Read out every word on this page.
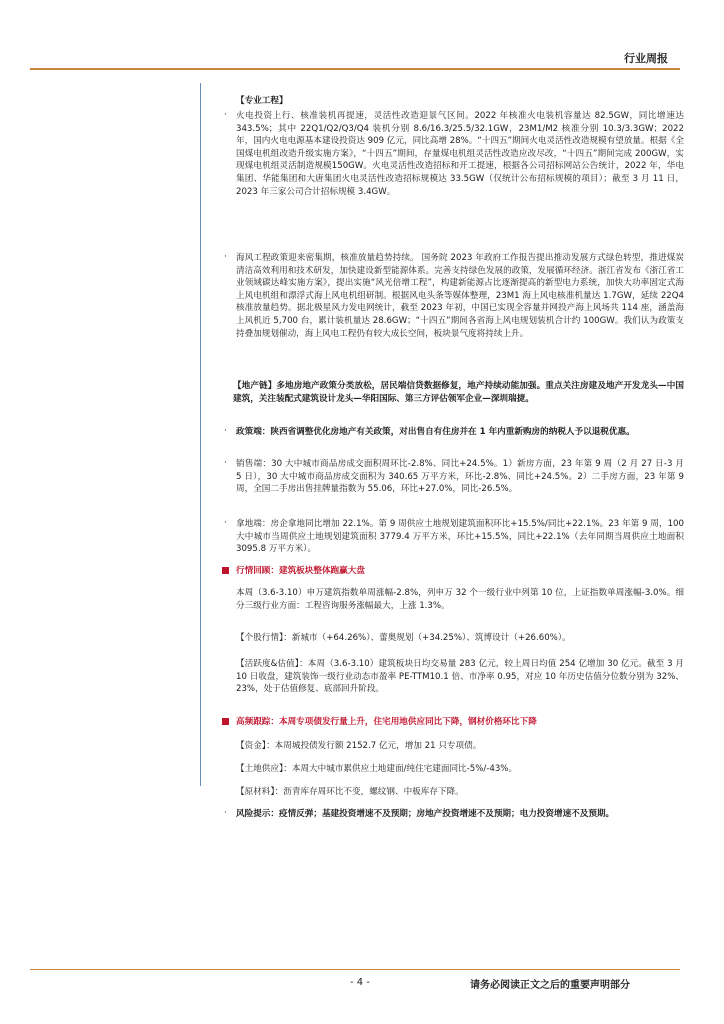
行业周报
【专业工程】
· 火电投资上行、核准装机再提速，灵活性改造迎景气区间。2022 年核准火电装机容量达 82.5GW，同比增速达 343.5%；其中 22Q1/Q2/Q3/Q4 装机分别 8.6/16.3/25.5/32.1GW，23M1/M2 核准分别 10.3/3.3GW；2022 年，国内火电电源基本建设投资达 909 亿元，同比高增 28%。“十四五”期间火电灵活性改造规模有望放量。根据《全国煤电机组改造升级实施方案》，“十四五”期间，存量煤电机组灵活性改造应改尽改，“十四五”期间完成 200GW，实现煤电机组灵活制造规模150GW。火电灵活性改造招标和开工提速，根据各公司招标网站公告统计，2022 年，华电集团、华能集团和大唐集团火电灵活性改造招标规模达 33.5GW（仅统计公布招标规模的项目）；截至 3 月 11 日，2023 年三家公司合计招标规模 3.4GW。

· 海风工程政策迎来密集期，核准放量趋势持续。 国务院 2023 年政府工作报告提出推动发展方式绿色转型，推进煤炭清洁高效利用和技术研发，加快建设新型能源体系。完善支持绿色发展的政策，发展循环经济。浙江省发布《浙江省工业领域碳达峰实施方案》，提出实施“风光倍增工程”，构建新能源占比逐渐提高的新型电力系统，加快大功率固定式海上风电机组和漂浮式海上风电机组研制。根据风电头条等媒体整理，23M1 海上风电核准机量达 1.7GW，延续 22Q4 核准放量趋势。据北极星风力发电网统计，截至 2023 年初，中国已实现全容量并网投产海上风场共 114 座，涵盖海上风机近 5,700 台，累计装机量达 28.6GW；“十四五”期间各省海上风电规划装机合计约 100GW。我们认为政策支持叠加规划催动，海上风电工程仍有较大成长空间，板块景气度将持续上升。

【地产链】多地房地产政策分类放松，居民端信贷数据修复，地产持续动能加强。重点关注房建及地产开发龙头—中国建筑，关注装配式建筑设计龙头—华阳国际、第三方评估领军企业—深圳瑞捷。

· 政策端：陕西省调整优化房地产有关政策，对出售自有住房并在 1 年内重新购房的纳税人予以退税优惠。

· 销售端：30 大中城市商品房成交面积周环比-2.8%、同比+24.5%。1）新房方面，23 年第 9 周（2 月 27 日-3 月 5 日），30 大中城市商品房成交面积为 340.65 万平方米，环比-2.8%、同比+24.5%。2）二手房方面，23 年第 9 周，全国二手房出售挂牌量指数为 55.06，环比+27.0%，同比-26.5%。

· 拿地端：房企拿地同比增加 22.1%。第 9 周供应土地规划建筑面积环比+15.5%/同比+22.1%。23 年第 9 周，100 大中城市当周供应土地规划建筑面积 3779.4 万平方米，环比+15.5%，同比+22.1%（去年同期当周供应土地面积 3095.8 万平方米）。

行情回顾：建筑板块整体跑赢大盘

本周（3.6-3.10）申万建筑指数单周涨幅-2.8%，列申万 32 个一级行业中列第 10 位，上证指数单周涨幅-3.0%。细分三级行业方面：工程咨询服务涨幅最大，上涨 1.3%。

【个股行情】：新城市（+64.26%）、蕾奥规划（+34.25%）、筑博设计（+26.60%）。

【活跃度&估值】：本周（3.6-3.10）建筑板块日均交易量 283 亿元，较上周日均值 254 亿增加 30 亿元。截至 3 月 10 日收盘，建筑装饰一级行业动态市盈率 PE-TTM10.1 倍、市净率 0.95，对应 10 年历史估值分位数分别为 32%、23%，处于估值修复、底部回升阶段。

高频跟踪：本周专项债发行量上升，住宅用地供应同比下降，钢材价格环比下降

【资金】：本周城投债发行额 2152.7 亿元，增加 21 只专项债。

【土地供应】：本周大中城市累供应土地建面/纯住宅建面同比-5%/-43%。

【原材料】：沥青库存周环比不变，螺纹钢、中板库存下降。

· 风险提示：疫情反弹；基建投资增速不及预期；房地产投资增速不及预期；电力投资增速不及预期。

- 4 -	请务必阅读正文之后的重要声明部分
